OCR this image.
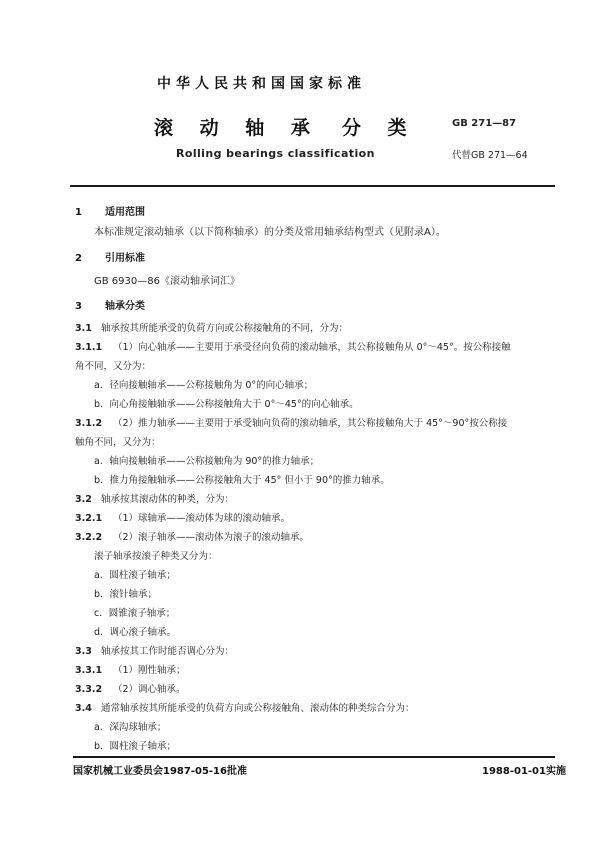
中华人民共和国国家标准
滚 动 轴 承 分 类
Rolling bearings classification
GB 271—87
代替GB 271—64
1 适用范围
本标准规定滚动轴承（以下简称轴承）的分类及常用轴承结构型式（见附录A）。
2 引用标准
GB 6930—86《滚动轴承词汇》
3 轴承分类
3.1 轴承按其所能承受的负荷方向或公称接触角的不同，分为：
3.1.1 （1）向心轴承——主要用于承受径向负荷的滚动轴承，其公称接触角从 0°～45°。按公称接触
角不同，又分为：
a．径向接触轴承——公称接触角为 0°的向心轴承；
b．向心角接触轴承——公称接触角大于 0°～45°的向心轴承。
3.1.2 （2）推力轴承——主要用于承受轴向负荷的滚动轴承，其公称接触角大于 45°～90°按公称接
触角不同，又分为：
a．轴向接触轴承——公称接触角为 90°的推力轴承；
b．推力角接触轴承——公称接触角大于 45° 但小于 90°的推力轴承。
3.2 轴承按其滚动体的种类，分为：
3.2.1 （1）球轴承——滚动体为球的滚动轴承。
3.2.2 （2）滚子轴承——滚动体为滚子的滚动轴承。
滚子轴承按滚子种类又分为：
a．圆柱滚子轴承；
b．滚针轴承；
c．圆锥滚子轴承；
d．调心滚子轴承。
3.3 轴承按其工作时能否调心分为：
3.3.1 （1）刚性轴承；
3.3.2 （2）调心轴承。
3.4 通常轴承按其所能承受的负荷方向或公称接触角、滚动体的种类综合分为：
a．深沟球轴承；
b．圆柱滚子轴承；
国家机械工业委员会1987-05-16批准	1988-01-01实施
